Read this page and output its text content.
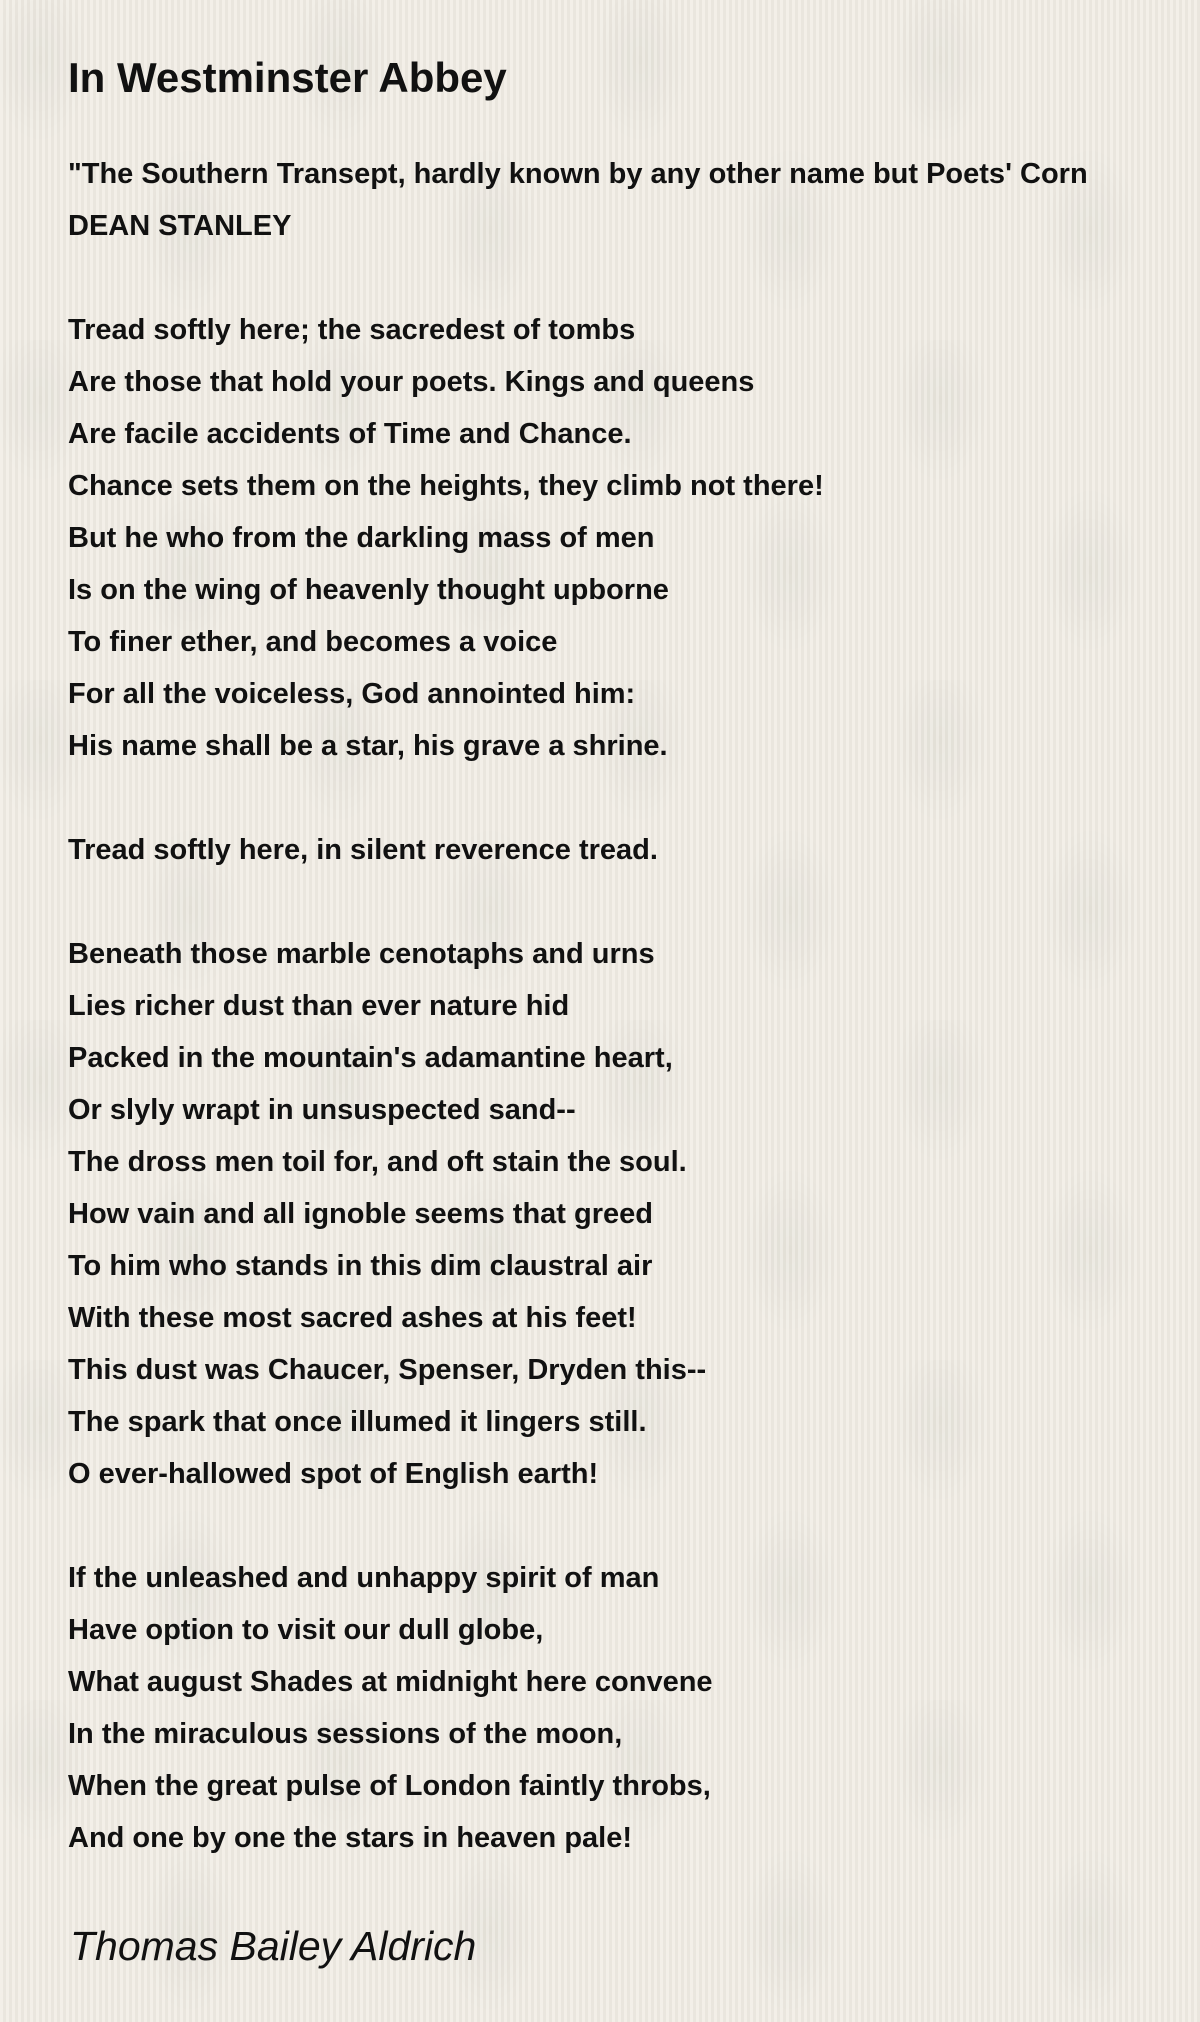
In Westminster Abbey
"The Southern Transept, hardly known by any other name but Poets' Corn
DEAN STANLEY
Tread softly here; the sacredest of tombs
Are those that hold your poets. Kings and queens
Are facile accidents of Time and Chance.
Chance sets them on the heights, they climb not there!
But he who from the darkling mass of men
Is on the wing of heavenly thought upborne
To finer ether, and becomes a voice
For all the voiceless, God annointed him:
His name shall be a star, his grave a shrine.
Tread softly here, in silent reverence tread.
Beneath those marble cenotaphs and urns
Lies richer dust than ever nature hid
Packed in the mountain's adamantine heart,
Or slyly wrapt in unsuspected sand--
The dross men toil for, and oft stain the soul.
How vain and all ignoble seems that greed
To him who stands in this dim claustral air
With these most sacred ashes at his feet!
This dust was Chaucer, Spenser, Dryden this--
The spark that once illumed it lingers still.
O ever-hallowed spot of English earth!
If the unleashed and unhappy spirit of man
Have option to visit our dull globe,
What august Shades at midnight here convene
In the miraculous sessions of the moon,
When the great pulse of London faintly throbs,
And one by one the stars in heaven pale!
Thomas Bailey Aldrich
